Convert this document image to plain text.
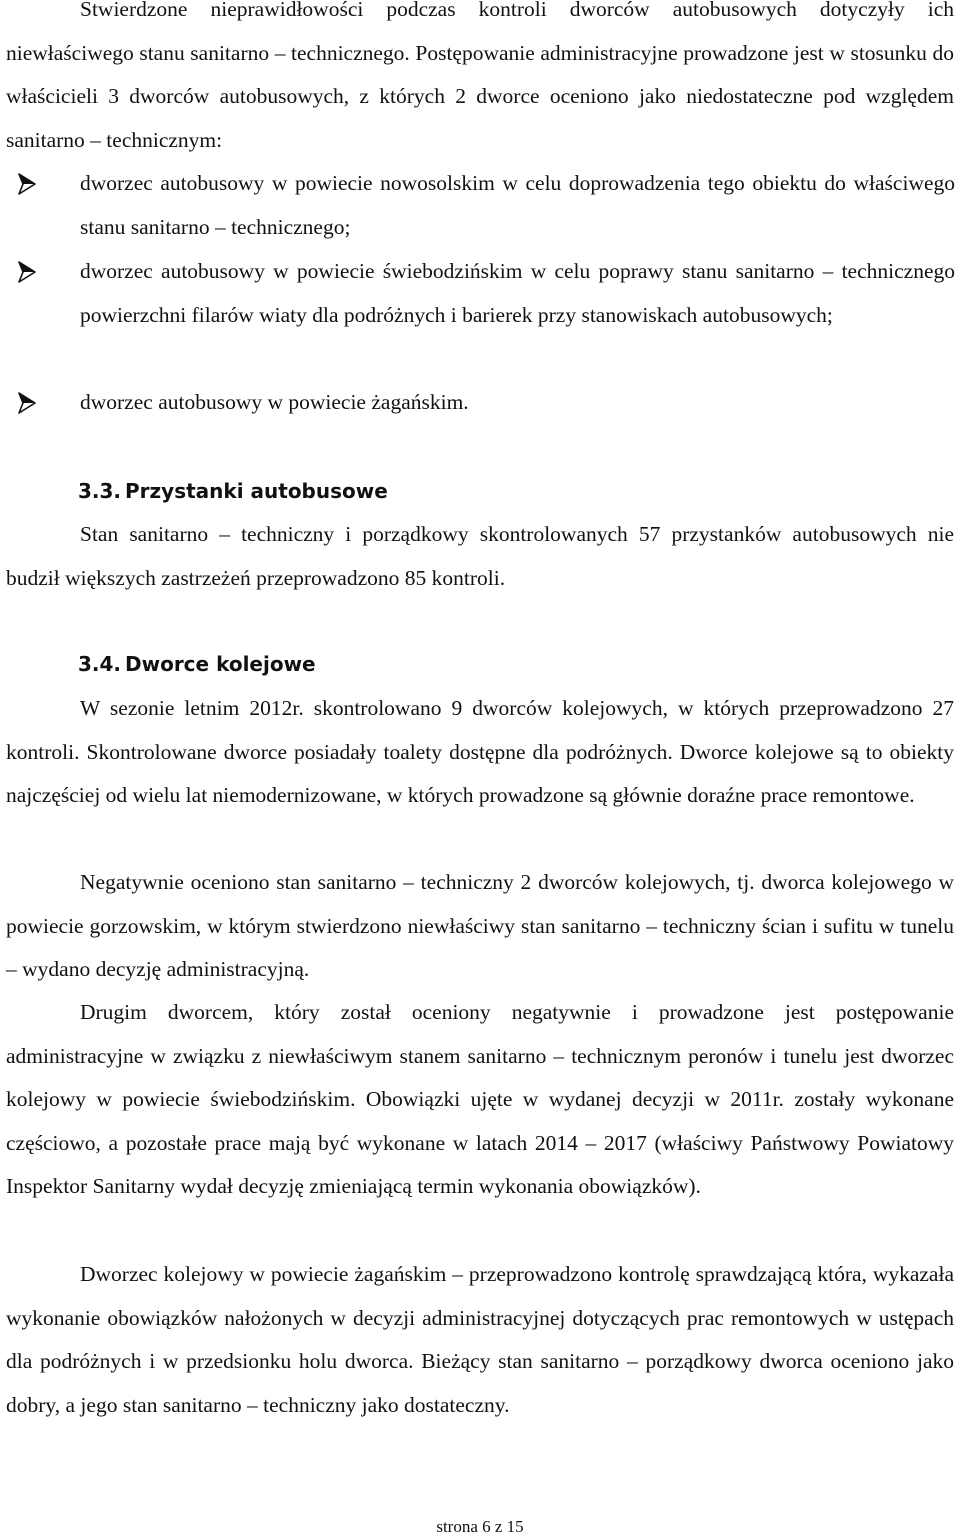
Stwierdzone nieprawidłowości podczas kontroli dworców autobusowych dotyczyły ich niewłaściwego stanu sanitarno – technicznego. Postępowanie administracyjne prowadzone jest w stosunku do właścicieli 3 dworców autobusowych, z których 2 dworce oceniono jako niedostateczne pod względem sanitarno – technicznym:

dworzec autobusowy w powiecie nowosolskim w celu doprowadzenia tego obiektu do właściwego stanu sanitarno – technicznego;
dworzec autobusowy w powiecie świebodzińskim w celu poprawy stanu sanitarno – technicznego powierzchni filarów wiaty dla podróżnych i barierek przy stanowiskach autobusowych;
dworzec autobusowy w powiecie żagańskim.
3.3. Przystanki autobusowe

Stan sanitarno – techniczny i porządkowy skontrolowanych 57 przystanków autobusowych nie budził większych zastrzeżeń przeprowadzono 85 kontroli.

3.4. Dworce kolejowe

W sezonie letnim 2012r. skontrolowano 9 dworców kolejowych, w których przeprowadzono 27 kontroli. Skontrolowane dworce posiadały toalety dostępne dla podróżnych. Dworce kolejowe są to obiekty najczęściej od wielu lat niemodernizowane, w których prowadzone są głównie doraźne prace remontowe.

Negatywnie oceniono stan sanitarno – techniczny 2 dworców kolejowych, tj. dworca kolejowego w powiecie gorzowskim, w którym stwierdzono niewłaściwy stan sanitarno – techniczny ścian i sufitu w tunelu – wydano decyzję administracyjną.

Drugim dworcem, który został oceniony negatywnie i prowadzone jest postępowanie administracyjne w związku z niewłaściwym stanem sanitarno – technicznym peronów i tunelu jest dworzec kolejowy w powiecie świebodzińskim. Obowiązki ujęte w wydanej decyzji w 2011r. zostały wykonane częściowo, a pozostałe prace mają być wykonane w latach 2014 – 2017 (właściwy Państwowy Powiatowy Inspektor Sanitarny wydał decyzję zmieniającą termin wykonania obowiązków).

Dworzec kolejowy w powiecie żagańskim – przeprowadzono kontrolę sprawdzającą która, wykazała wykonanie obowiązków nałożonych w decyzji administracyjnej dotyczących prac remontowych w ustępach dla podróżnych i w przedsionku holu dworca. Bieżący stan sanitarno – porządkowy dworca oceniono jako dobry, a jego stan sanitarno – techniczny jako dostateczny.

strona 6 z 15
